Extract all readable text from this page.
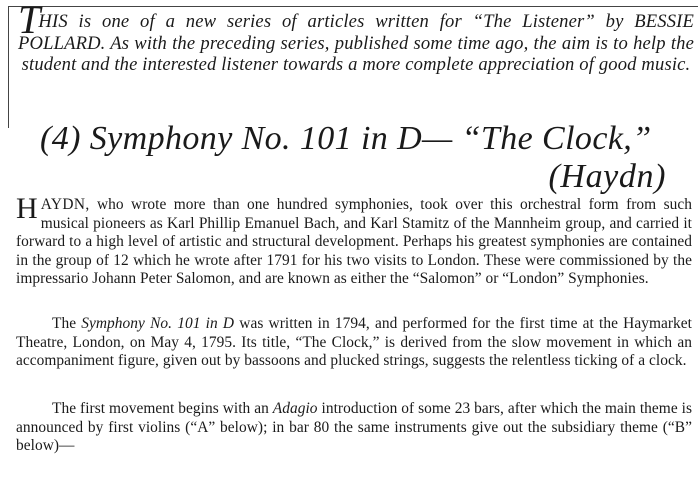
THIS is one of a new series of articles written for “The Listener” by BESSIE POLLARD. As with the preceding series, published some time ago, the aim is to help the student and the interested listener towards a more complete appreciation of good music.
(4) Symphony No. 101 in D— “The Clock,”
(Haydn)
HAYDN, who wrote more than one hundred symphonies, took over this orchestral form from such musical pioneers as Karl Phillip Emanuel Bach, and Karl Stamitz of the Mannheim group, and carried it forward to a high level of artistic and structural development. Perhaps his greatest symphonies are contained in the group of 12 which he wrote after 1791 for his two visits to London. These were commissioned by the impressario Johann Peter Salomon, and are known as either the “Salomon” or “London” Symphonies.
The Symphony No. 101 in D was written in 1794, and performed for the first time at the Haymarket Theatre, London, on May 4, 1795. Its title, “The Clock,” is derived from the slow movement in which an accompaniment figure, given out by bassoons and plucked strings, suggests the relentless ticking of a clock.
The first movement begins with an Adagio introduction of some 23 bars, after which the main theme is announced by first violins (“A” below); in bar 80 the same instruments give out the subsidiary theme (“B” below)—
